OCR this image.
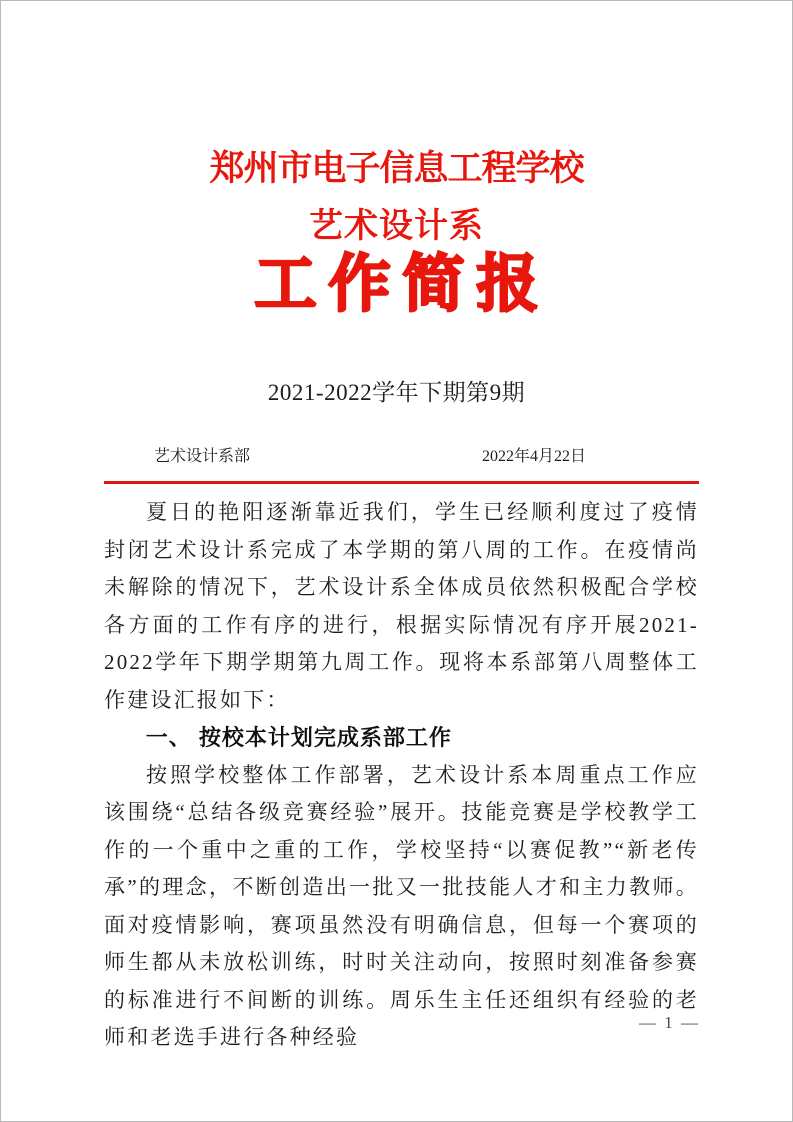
郑州市电子信息工程学校
艺术设计系
工作简报
2021-2022学年下期第9期
艺术设计系部	2022年4月22日

夏日的艳阳逐渐靠近我们，学生已经顺利度过了疫情封闭艺术设计系完成了本学期的第八周的工作。在疫情尚未解除的情况下，艺术设计系全体成员依然积极配合学校各方面的工作有序的进行，根据实际情况有序开展2021-2022学年下期学期第九周工作。现将本系部第八周整体工作建设汇报如下：

一、 按校本计划完成系部工作

按照学校整体工作部署，艺术设计系本周重点工作应该围绕“总结各级竞赛经验”展开。技能竞赛是学校教学工作的一个重中之重的工作，学校坚持“以赛促教”“新老传承”的理念，不断创造出一批又一批技能人才和主力教师。面对疫情影响，赛项虽然没有明确信息，但每一个赛项的师生都从未放松训练，时时关注动向，按照时刻准备参赛的标准进行不间断的训练。周乐生主任还组织有经验的老师和老选手进行各种经验

— 1 —
